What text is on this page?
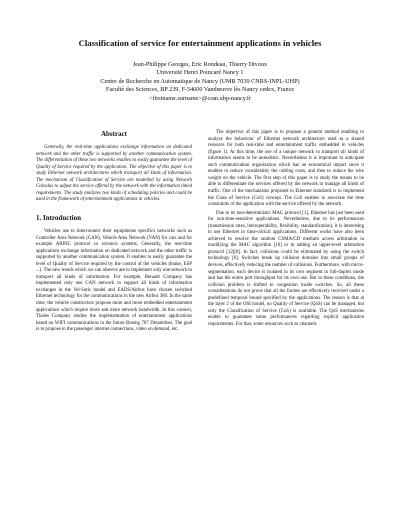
Classification of service for entertainment applications in vehicles
Jean-Philippe Georges, Eric Rondeau, Thierry Divoux
Université Henri Poincaré Nancy 1
Centre de Recherche en Automatique de Nancy (UMR 7039 CNRS-INPL-UHP)
Faculté des Sciences, BP 239, F-54600 Vandœuvre lès Nancy cedex, France
<firstname.surname>@cran.uhp-nancy.fr
Abstract

Generally, the real-time applications exchange information on dedicated network and the other traffic is supported by another communication system. The differentiation of these two networks enables to easily guarantee the level of Quality of Service required by the application. The objective of this paper is to study Ethernet network architectures which transport all kinds of information. The mechanism of Classification of Service are modelled by using Network Calculus to adjust the service offered by the network with the information timed requirements. The study analyzes two kinds of scheduling policies and could be used in the framework of entertainment applications in vehicles.

1. Introduction

Vehicles use to interconnect their equipments specifics networks such as Controller Area Network (CAN), Vehicle Area Network (VAN) for cars and for example ARINC protocol in avionics systems. Generally, the real-time applications exchange information on dedicated network and the other traffic is supported by another communication system. It enables to easily guarantee the level of Quality of Service required by the control of the vehicles (brake, ESP ...). The new trends which we can observe are to implement only one network to transport all kinds of information. For example, Renault Company has implemented only one CAN network to support all kinds of information exchanges in the Vel-Satis model and EADS/Airbus have chosen switched Ethernet technology for the communications in the new Airbus 380. In the same time, the vehicle constructors propose more and more embedded entertainment applications which require more and more network bandwidth. In this context, Thales Company studies the implementation of entertainment applications based on WIFI communications in the future Boeing 787 Dreamliner. The goal is to propose to the passenger internet connections, video on demand, etc.

The objective of this paper is to propose a general method enabling to analyze the behaviour of Ethernet network architecture used as a shared resource for both real-time and entertainment traffic embedded in vehicles (figure 1). At this time, the use of a unique network to transport all kinds of information seems to be unrealistic. Nevertheless it is important to anticipate such communication organization which has an economical impact since it enables to reduce considerably the cabling costs, and then to reduce the wire weight on the vehicle. The first step of this paper is to study the means to be able to differentiate the services offered by the network to manage all kinds of traffic. One of the mechanisms proposed in Ethernet standards is to implement the Class of Service (CoS) concept. The CoS enables to associate the time constraints of the application with the service offered by the network.

Due to its non-deterministic MAC protocol [1], Ethernet has just been used for non-time-sensitive applications. Nevertheless, due to its performances (transmission rates, interoperability, flexibility, standardization), it is interesting to use Ethernet in time-critical applications. Different works have also been achieved to resolve the random CSMA/CD medium access arbitration in modifying the MAC algorithm [10] or in adding an upper-level arbitration protocol [12][8]. In fact, collisions could be eliminated by using the switch technology [6]. Switches break up collision domains into small groups of devices, effectively reducing the number of collisions. Furthermore, with micro-segmentation, each device is isolated in its own segment in full-duplex mode and has the entire port throughput for its own use. But in these conditions, the collision problem is shifted to congestion inside switches. So, all these considerations do not prove that all the frames are effectively received under a predefined temporal bound specified by the applications. The reason is that at the layer 2 of the OSI model, no Quality of Service (QoS) can be managed, but only the Classification of Service (CoS) is available. The QoS mechanisms enable to guarantee some performances regarding explicit application requirements. For that, some resources such as channels
